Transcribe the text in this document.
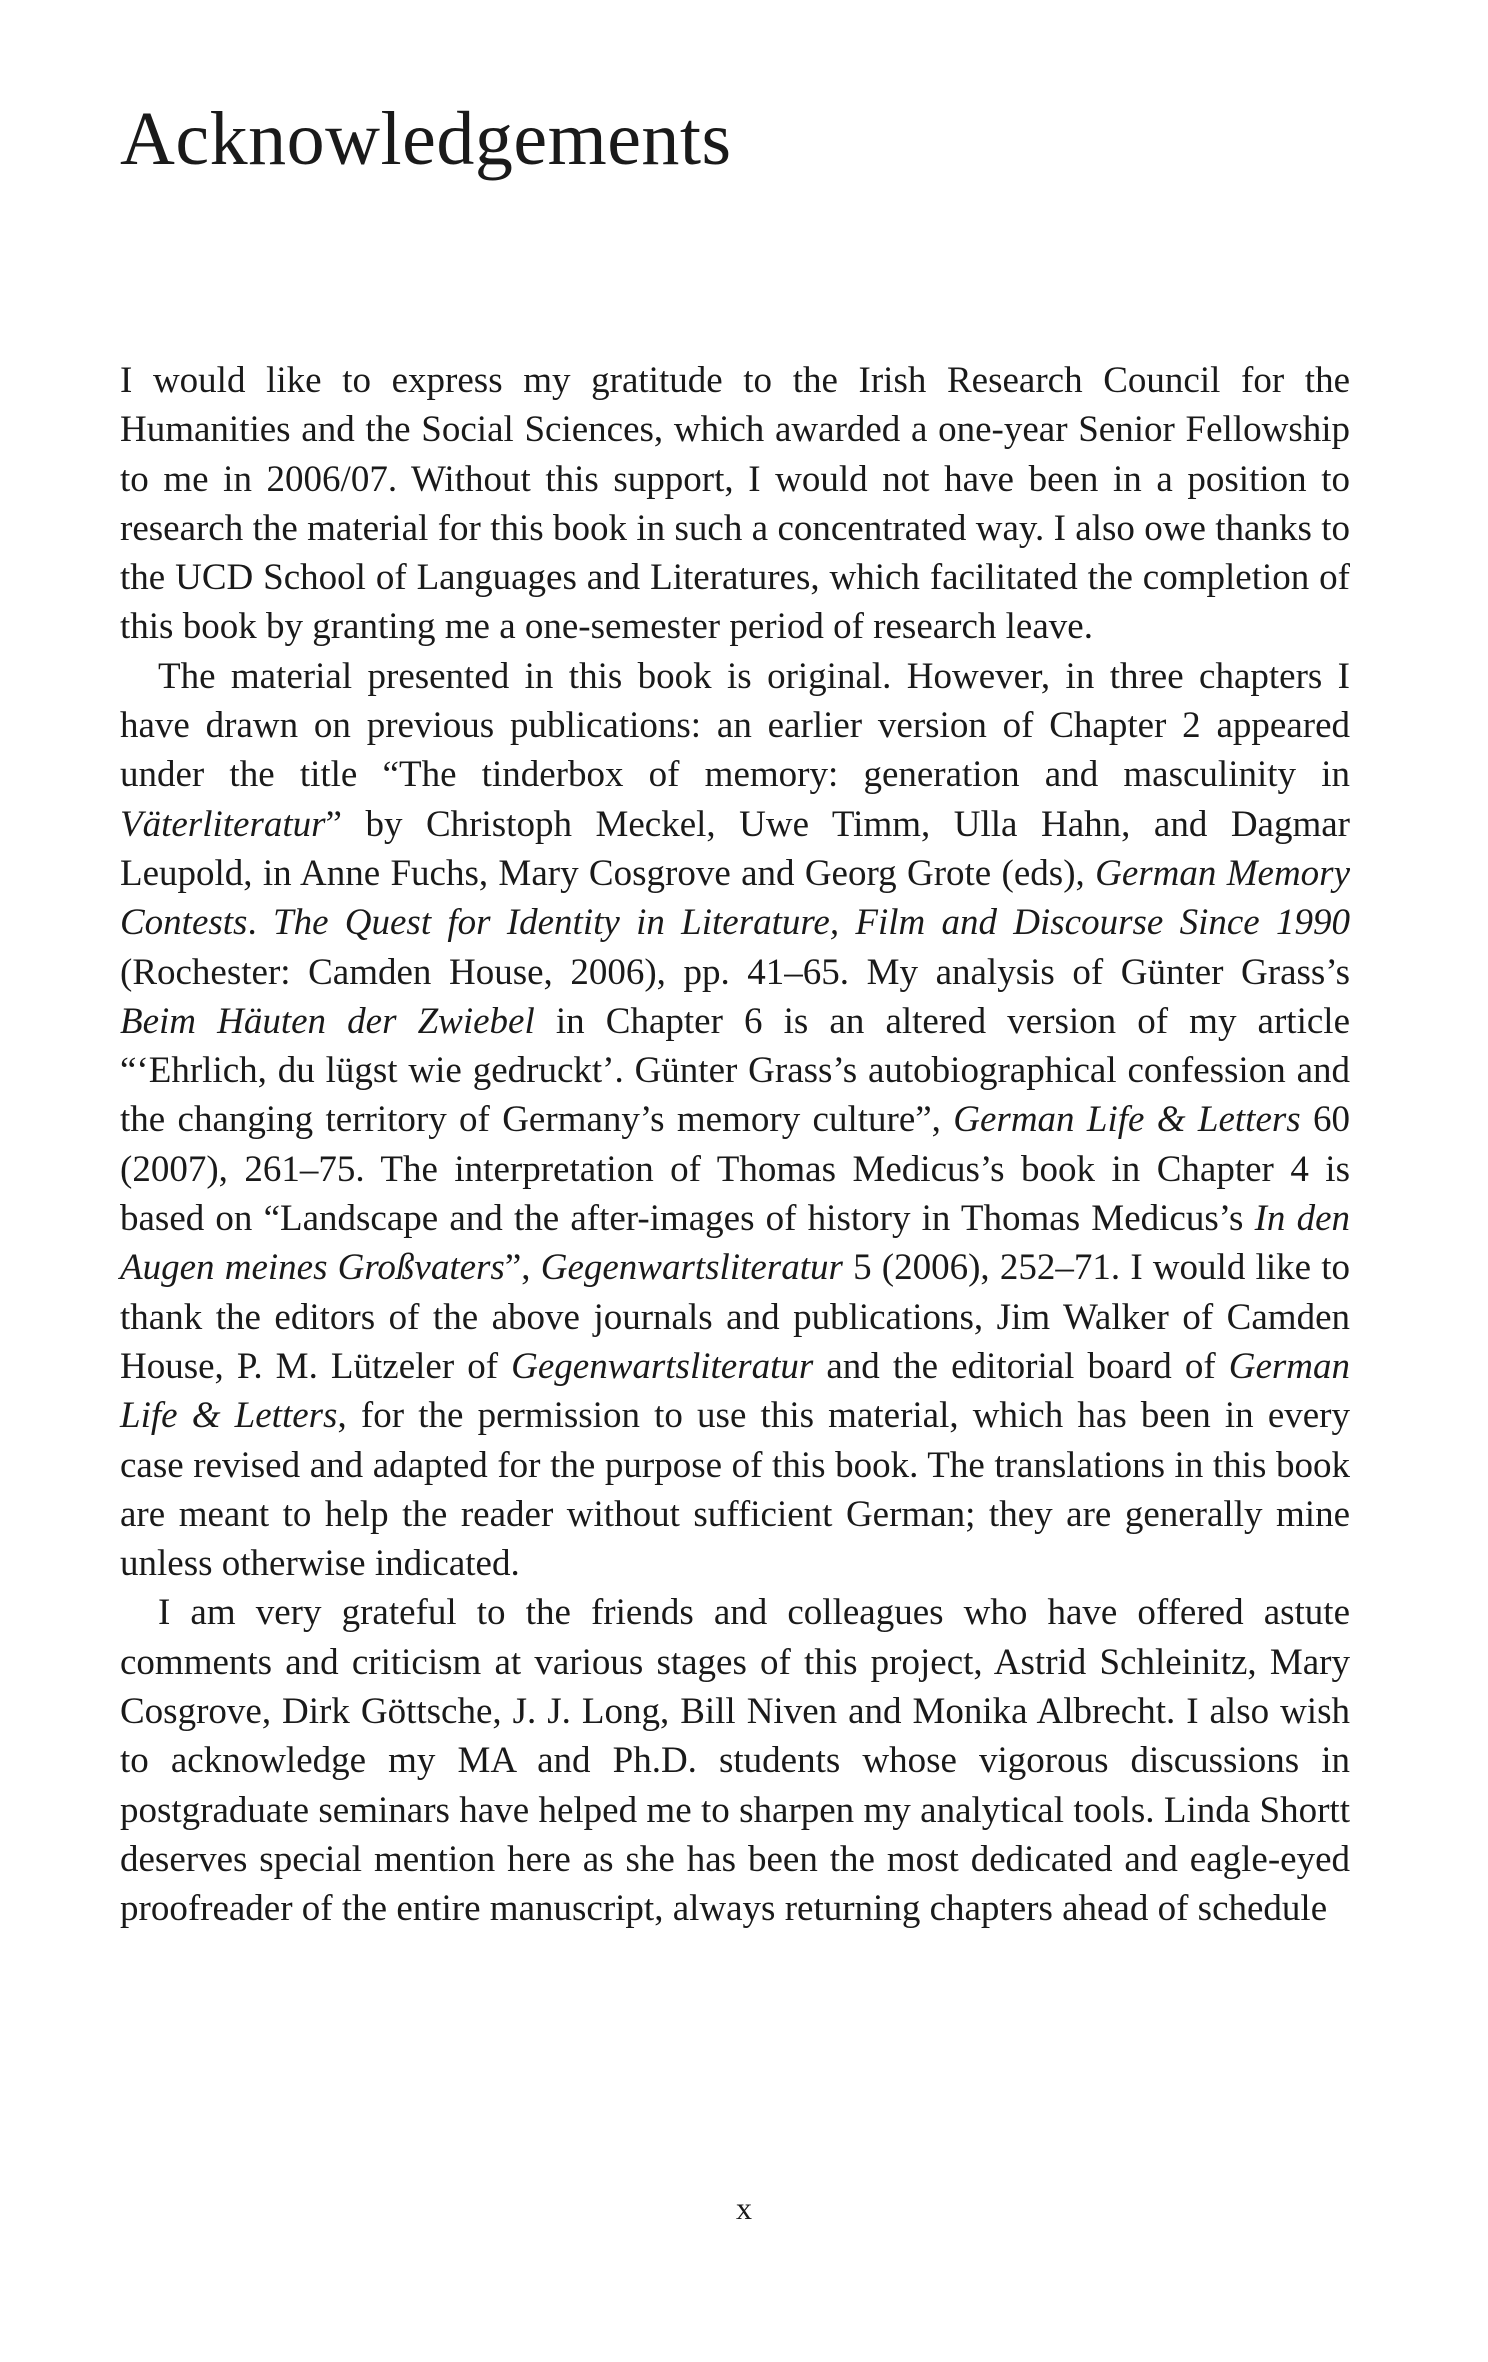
Acknowledgements

I would like to express my gratitude to the Irish Research Council for the Humanities and the Social Sciences, which awarded a one-year Senior Fellowship to me in 2006/07. Without this support, I would not have been in a position to research the material for this book in such a concentrated way. I also owe thanks to the UCD School of Languages and Literatures, which facilitated the completion of this book by granting me a one-semester period of research leave.

The material presented in this book is original. However, in three chapters I have drawn on previous publications: an earlier version of Chapter 2 appeared under the title “The tinderbox of memory: generation and masculinity in Väterliteratur” by Christoph Meckel, Uwe Timm, Ulla Hahn, and Dagmar Leupold, in Anne Fuchs, Mary Cosgrove and Georg Grote (eds), German Memory Contests. The Quest for Identity in Literature, Film and Discourse Since 1990 (Rochester: Camden House, 2006), pp. 41–65. My analysis of Günter Grass’s Beim Häuten der Zwiebel in Chapter 6 is an altered version of my article “‘Ehrlich, du lügst wie gedruckt’. Günter Grass’s autobiographical confession and the changing territory of Germany’s memory culture”, German Life & Letters 60 (2007), 261–75. The interpretation of Thomas Medicus’s book in Chapter 4 is based on “Landscape and the after-images of history in Thomas Medicus’s In den Augen meines Großvaters”, Gegenwartsliteratur 5 (2006), 252–71. I would like to thank the editors of the above journals and publications, Jim Walker of Camden House, P. M. Lützeler of Gegenwartsliteratur and the editorial board of German Life & Letters, for the permission to use this material, which has been in every case revised and adapted for the purpose of this book. The translations in this book are meant to help the reader without sufficient German; they are generally mine unless otherwise indicated.

I am very grateful to the friends and colleagues who have offered astute comments and criticism at various stages of this project, Astrid Schleinitz, Mary Cosgrove, Dirk Göttsche, J. J. Long, Bill Niven and Monika Albrecht. I also wish to acknowledge my MA and Ph.D. students whose vigorous discussions in postgraduate seminars have helped me to sharpen my analytical tools. Linda Shortt deserves special mention here as she has been the most dedicated and eagle-eyed proofreader of the entire manuscript, always returning chapters ahead of schedule

x
